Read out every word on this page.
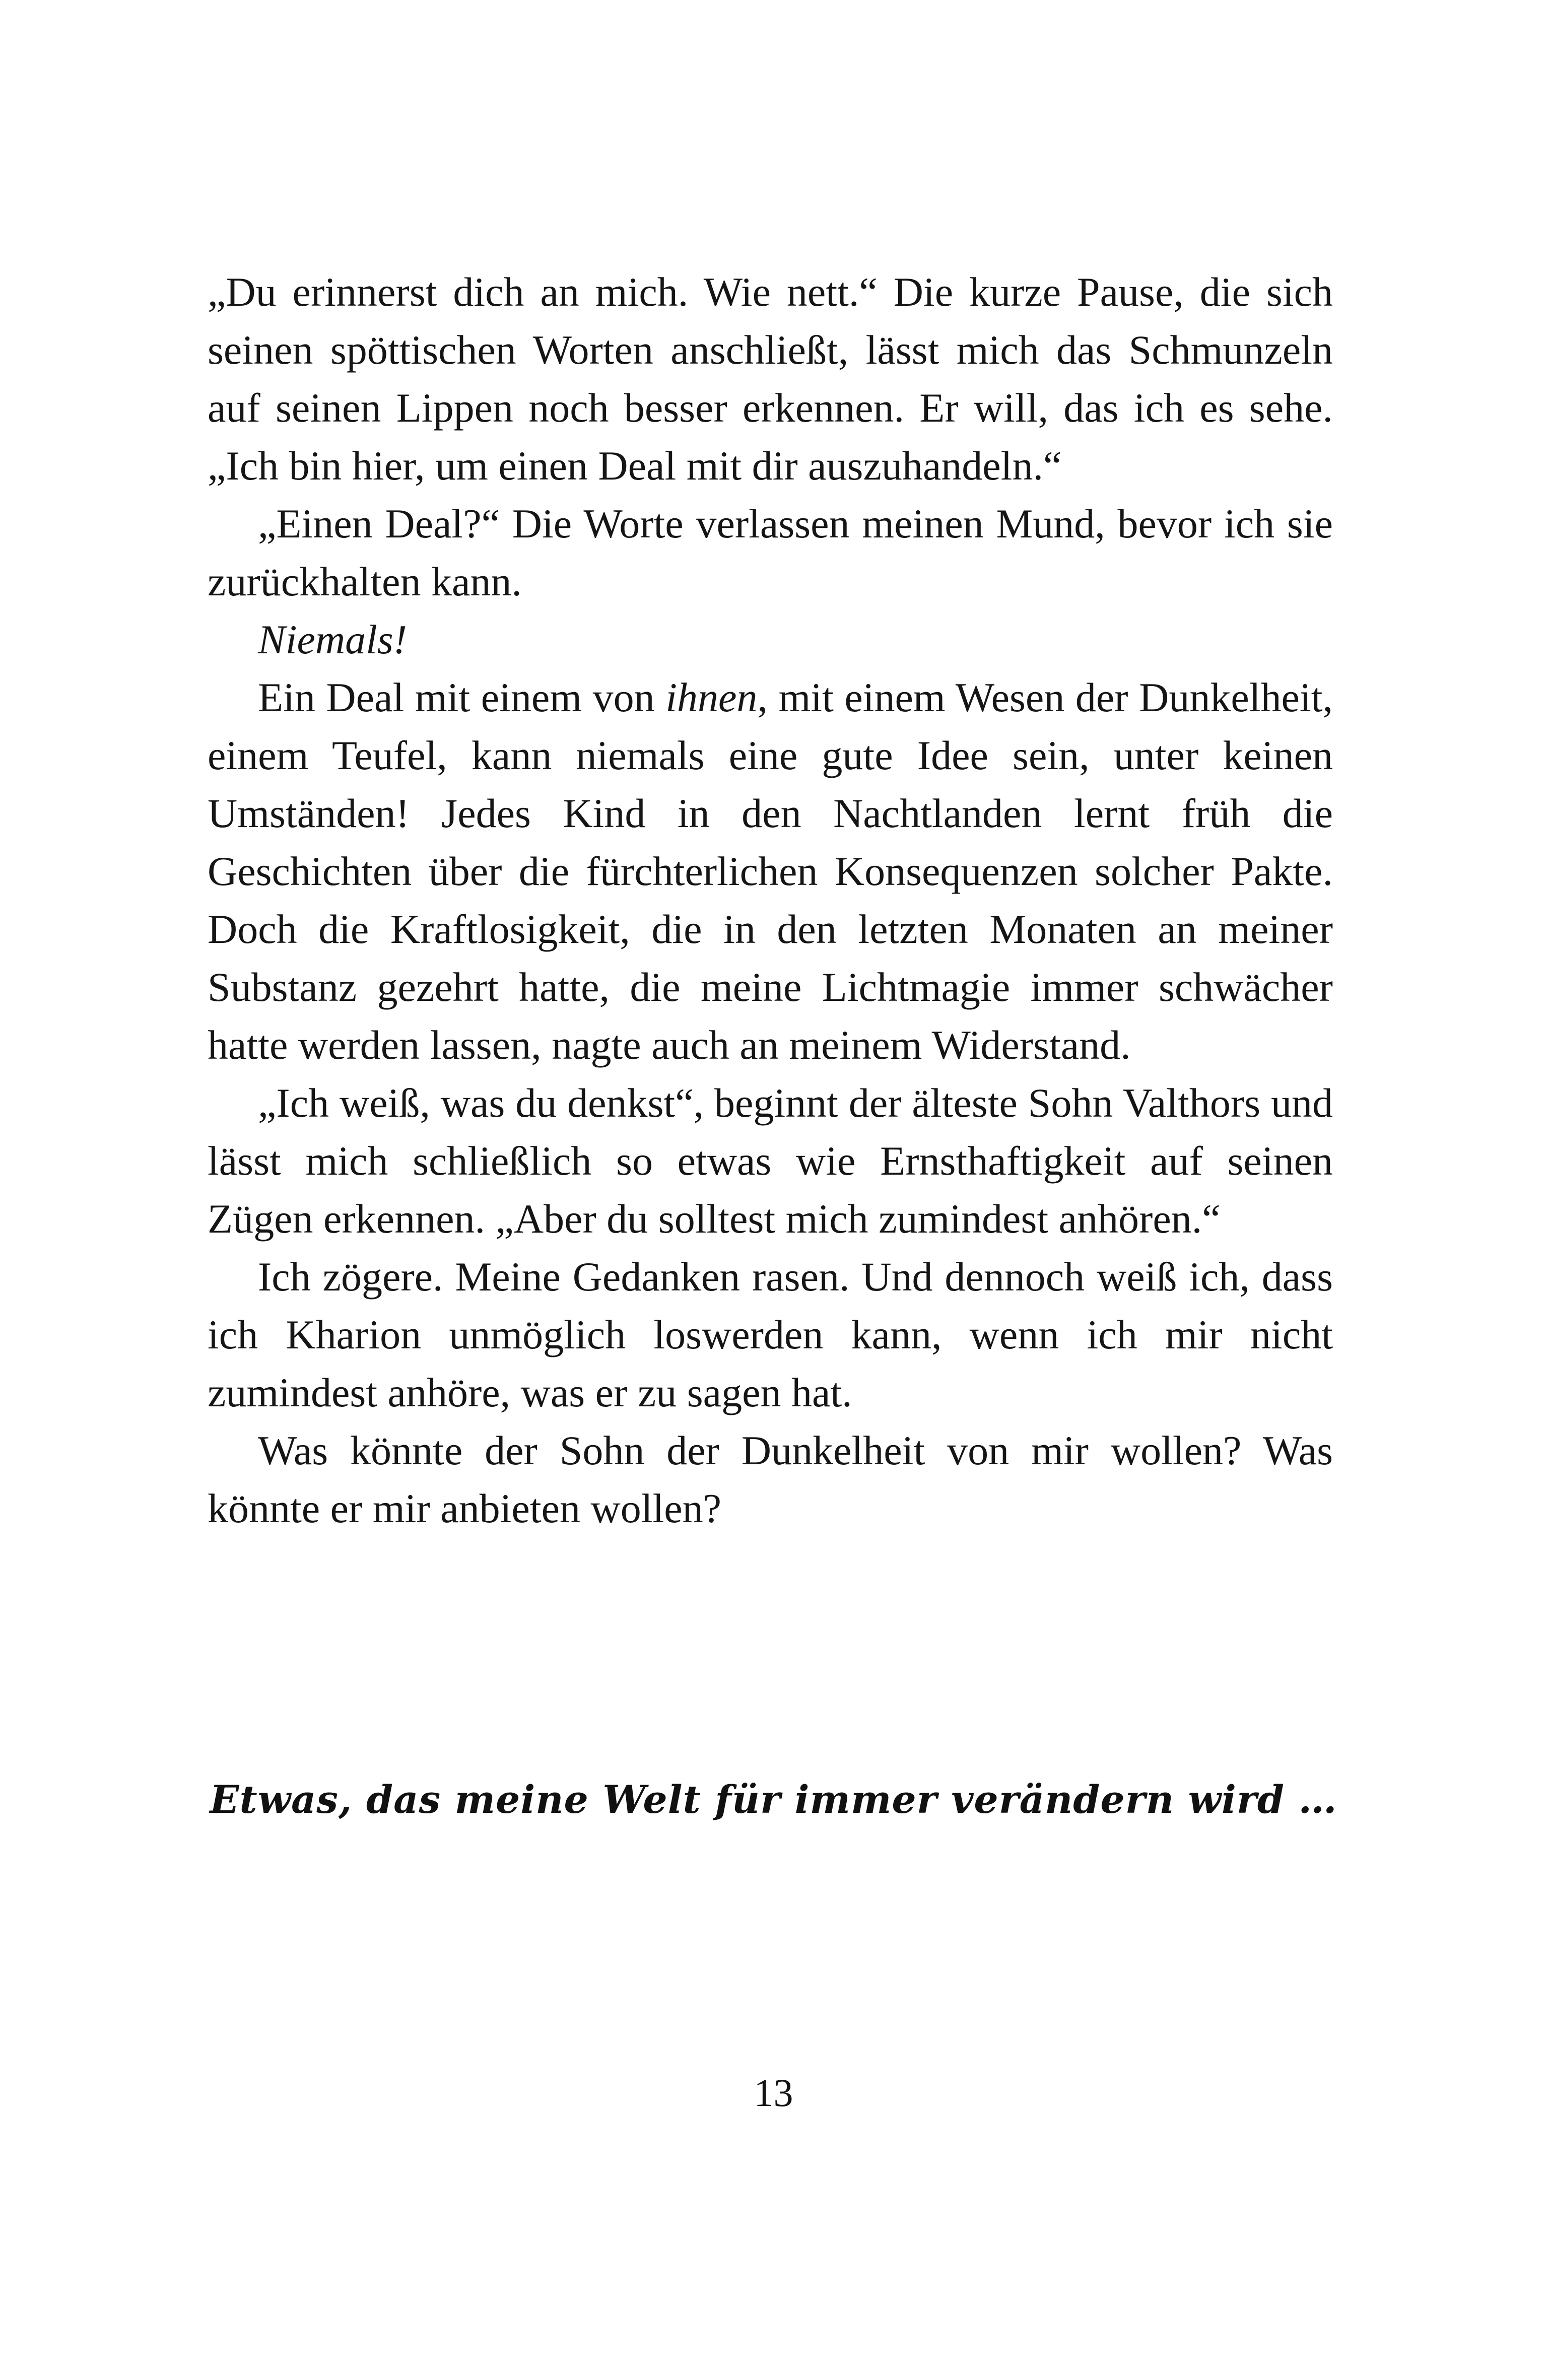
„Du erinnerst dich an mich. Wie nett.“ Die kurze Pause, die sich seinen spöttischen Worten anschließt, lässt mich das Schmunzeln auf seinen Lippen noch besser erkennen. Er will, das ich es sehe. „Ich bin hier, um einen Deal mit dir auszuhandeln.“

„Einen Deal?“ Die Worte verlassen meinen Mund, bevor ich sie zurückhalten kann.

Niemals!

Ein Deal mit einem von ihnen, mit einem Wesen der Dunkelheit, einem Teufel, kann niemals eine gute Idee sein, unter keinen Umständen! Jedes Kind in den Nachtlanden lernt früh die Geschichten über die fürchterlichen Konsequenzen solcher Pakte. Doch die Kraftlosigkeit, die in den letzten Monaten an meiner Substanz gezehrt hatte, die meine Lichtmagie immer schwächer hatte werden lassen, nagte auch an meinem Widerstand.

„Ich weiß, was du denkst“, beginnt der älteste Sohn Valthors und lässt mich schließlich so etwas wie Ernsthaftigkeit auf seinen Zügen erkennen. „Aber du solltest mich zumindest anhören.“

Ich zögere. Meine Gedanken rasen. Und dennoch weiß ich, dass ich Kharion unmöglich loswerden kann, wenn ich mir nicht zumindest anhöre, was er zu sagen hat.

Was könnte der Sohn der Dunkelheit von mir wollen? Was könnte er mir anbieten wollen?

Etwas, das meine Welt für immer verändern wird …
13
